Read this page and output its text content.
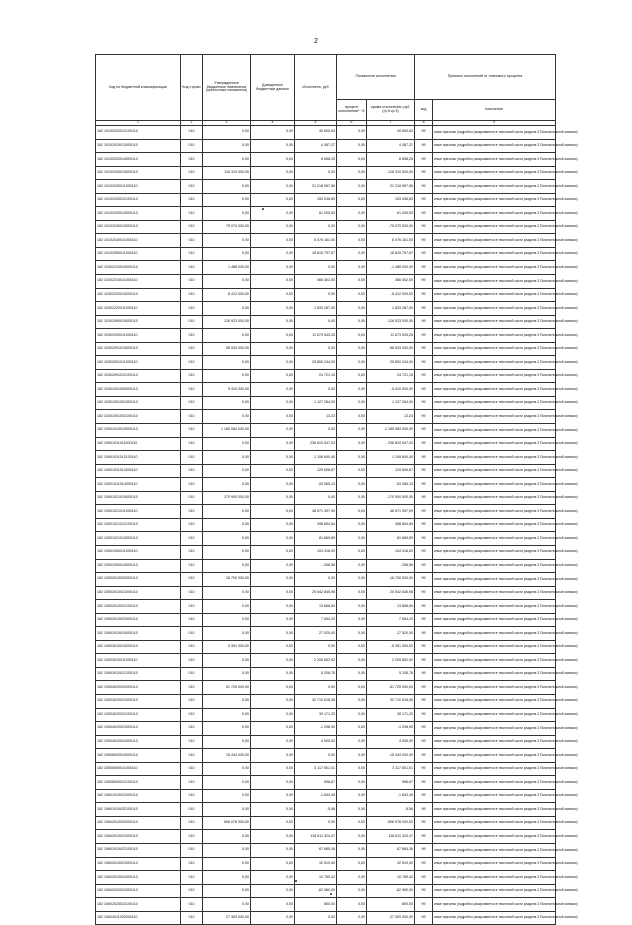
2
Код по бюджетной классификации	Код строки	Утвержденные бюджетные назначения (прогнозные показатели)	Доведенные бюджетные данные	Исполнено, руб	Показатели исполнения		Причины отклонений от планового процента	
					процент исполнения*, %	сумма отклонения, руб. (гр.5-гр.3)	код	пояснения
1	2	3	4	5	6	7	8	9
182 10102020012100110	010	0,00	0,00	49 600,63	0,00	49 600,63	99	иные причины (подробно раскрывается в текстовой части раздела 3 Пояснительной записки)
182 10102020013000110	010	0,00	0,00	4 487,37	0,00	4 487,37	99	иные причины (подробно раскрывается в текстовой части раздела 3 Пояснительной записки)
182 10102020014000110	010	0,00	0,00	8 658,25	0,00	8 658,25	99	иные причины (подробно раскрывается в текстовой части раздела 3 Пояснительной записки)
182 10102030010000110	010	116 310 000,00	0,00	0,00	0,00	-116 310 000,00	99	иные причины (подробно раскрывается в текстовой части раздела 3 Пояснительной записки)
182 10102030011000110	010	0,00	0,00	21 218 967,56	0,00	21 218 967,56	99	иные причины (подробно раскрывается в текстовой части раздела 3 Пояснительной записки)
182 10102030012100110	010	0,00	0,00	153 036,83	0,00	153 036,83	99	иные причины (подробно раскрывается в текстовой части раздела 3 Пояснительной записки)
182 10102030013000110	010	0,00	0,00	61 005,53	0,00	61 005,53	99	иные причины (подробно раскрывается в текстовой части раздела 3 Пояснительной записки)
182 10102040010000110	010	75 070 000,00	0,00	0,00	0,00	-75 070 000,00	99	иные причины (подробно раскрывается в текстовой части раздела 3 Пояснительной записки)
182 10102040011000110	010	0,00	0,00	6 076 161,00	0,00	6 076 161,00	99	иные причины (подробно раскрывается в текстовой части раздела 3 Пояснительной записки)
182 10102050011000110	010	0,00	0,00	18 815 797,67	0,00	18 815 797,67	99	иные причины (подробно раскрывается в текстовой части раздела 3 Пояснительной записки)
182 10302210010000110	010	1 488 000,00	0,00	0,00	0,00	-1 488 000,00	99	иные причины (подробно раскрывается в текстовой части раздела 3 Пояснительной записки)
182 10302210011000110	010	0,00	0,00	366 402,00	0,00	366 402,00	99	иные причины (подробно раскрывается в текстовой части раздела 3 Пояснительной записки)
182 10302220010000110	010	8 412 000,00	0,00	0,00	0,00	-8 412 000,00	99	иные причины (подробно раскрывается в текстовой части раздела 3 Пояснительной записки)
182 10302220011000110	010	0,00	0,00	1 833 287,00	0,00	1 833 287,00	99	иные причины (подробно раскрывается в текстовой части раздела 3 Пояснительной записки)
182 10302090010000110	010	126 923 000,00	0,00	0,00	0,00	-126 923 000,00	99	иные причины (подробно раскрывается в текстовой части раздела 3 Пояснительной записки)
182 10302090011000110	010	0,00	0,00	11 673 543,25	0,00	11 673 543,25	99	иные причины (подробно раскрывается в текстовой части раздела 3 Пояснительной записки)
182 10302091010000110	010	58 533 000,00	0,00	0,00	0,00	-58 533 000,00	99	иные причины (подробно раскрывается в текстовой части раздела 3 Пояснительной записки)
182 10302091011000110	010	0,00	0,00	25 800 244,00	0,00	25 800 244,00	99	иные причины (подробно раскрывается в текстовой части раздела 3 Пояснительной записки)
182 10302091012100110	010	0,00	0,00	24 721,15	0,00	24 721,15	99	иные причины (подробно раскрывается в текстовой части раздела 3 Пояснительной записки)
182 10301001000000110	010	5 410 000,00	0,00	0,00	0,00	-5 410 000,00	99	иные причины (подробно раскрывается в текстовой части раздела 3 Пояснительной записки)
182 10301001001000110	010	0,00	0,00	1 127 264,00	0,00	1 127 264,00	99	иные причины (подробно раскрывается в текстовой части раздела 3 Пояснительной записки)
182 10301001002100110	010	0,00	0,00	13,23	0,00	13,23	99	иные причины (подробно раскрывается в текстовой части раздела 3 Пояснительной записки)
182 10501010010000110	010	1 185 084 000,00	0,00	0,00	0,00	-1 185 084 000,00	99	иные причины (подробно раскрывается в текстовой части раздела 3 Пояснительной записки)
182 10501011011000110	010	0,00	0,00	238 819 547,03	0,00	238 819 547,03	99	иные причины (подробно раскрывается в текстовой части раздела 3 Пояснительной записки)
182 10501011012100110	010	0,00	0,00	1 108 640,40	0,00	1 108 640,40	99	иные причины (подробно раскрывается в текстовой части раздела 3 Пояснительной записки)
182 10501011013000110	010	0,00	0,00	129 606,87	0,00	129 606,87	99	иные причины (подробно раскрывается в текстовой части раздела 3 Пояснительной записки)
182 10501011014000110	010	0,00	0,00	-53 065,13	0,00	-53 065,13	99	иные причины (подробно раскрывается в текстовой части раздела 3 Пояснительной записки)
182 10501021010000110	010	170 900 000,00	0,00	0,00	0,00	-170 900 000,00	99	иные причины (подробно раскрывается в текстовой части раздела 3 Пояснительной записки)
182 10501021011000110	010	0,00	0,00	48 571 397,09	0,00	48 571 397,09	99	иные причины (подробно раскрывается в текстовой части раздела 3 Пояснительной записки)
182 10501021012100110	010	0,00	0,00	398 894,84	0,00	398 894,84	99	иные причины (подробно раскрывается в текстовой части раздела 3 Пояснительной записки)
182 10501021014000110	010	0,00	0,00	81 669,89	0,00	81 669,89	99	иные причины (подробно раскрывается в текстовой части раздела 3 Пояснительной записки)
182 10501050011000110	010	0,00	0,00	104 316,00	0,00	104 316,00	99	иные причины (подробно раскрывается в текстовой части раздела 3 Пояснительной записки)
182 10501050014000110	010	0,00	0,00	-256,56	0,00	-256,56	99	иные причины (подробно раскрывается в текстовой части раздела 3 Пояснительной записки)
182 10502010020000110	010	16 700 000,00	0,00	0,00	0,00	-16 700 000,00	99	иные причины (подробно раскрывается в текстовой части раздела 3 Пояснительной записки)
182 10502010021000110	010	0,00	0,00	20 542 845,98	0,00	20 542 845,98	99	иные причины (подробно раскрывается в текстовой части раздела 3 Пояснительной записки)
182 10502010022100110	010	0,00	0,00	13 668,84	0,00	13 668,84	99	иные причины (подробно раскрывается в текстовой части раздела 3 Пояснительной записки)
182 10502010023000110	010	0,00	0,00	7 654,20	0,00	7 654,20	99	иные причины (подробно раскрывается в текстовой части раздела 3 Пояснительной записки)
182 10502010024000110	010	0,00	0,00	27 520,00	0,00	27 520,00	99	иные причины (подробно раскрывается в текстовой части раздела 3 Пояснительной записки)
182 10503010010000110	010	5 391 000,00	0,00	0,00	0,00	-5 391 000,00	99	иные причины (подробно раскрывается в текстовой части раздела 3 Пояснительной записки)
182 10503010011000110	010	0,00	0,00	2 205 652,92	0,00	2 205 652,92	99	иные причины (подробно раскрывается в текстовой части раздела 3 Пояснительной записки)
182 10503010012100110	010	0,00	0,00	5 208,78	0,00	5 208,78	99	иные причины (подробно раскрывается в текстовой части раздела 3 Пояснительной записки)
182 10504020020000110	010	51 725 000,00	0,00	0,00	0,00	-51 725 000,00	99	иные причины (подробно раскрывается в текстовой части раздела 3 Пояснительной записки)
182 10504020021000110	010	0,00	0,00	32 710 618,06	0,00	32 710 618,06	99	иные причины (подробно раскрывается в текстовой части раздела 3 Пояснительной записки)
182 10504020022100110	010	0,00	0,00	39 171,20	0,00	39 171,20	99	иные причины (подробно раскрывается в текстовой части раздела 3 Пояснительной записки)
182 10504020023000110	010	0,00	0,00	-1 298,90	0,00	-1 298,90	99	иные причины (подробно раскрывается в текстовой части раздела 3 Пояснительной записки)
182 10504020024000110	010	0,00	0,00	4 005,00	0,00	4 005,00	99	иные причины (подробно раскрывается в текстовой части раздела 3 Пояснительной записки)
182 10506000010000110	010	15 444 000,00	0,00	0,00	0,00	-15 444 000,00	99	иные причины (подробно раскрывается в текстовой части раздела 3 Пояснительной записки)
182 10506000011000110	010	0,00	0,00	3 117 501,01	0,00	3 117 501,01	99	иные причины (подробно раскрывается в текстовой части раздела 3 Пояснительной записки)
182 10506000012100110	010	0,00	0,00	596,67	0,00	596,67	99	иные причины (подробно раскрывается в текстовой части раздела 3 Пояснительной записки)
182 10601010031000110	010	0,00	0,00	-1 843,45	0,00	-1 843,45	99	иные причины (подробно раскрывается в текстовой части раздела 3 Пояснительной записки)
182 10601010032100110	010	0,00	0,00	-5,56	0,00	-5,56	99	иные причины (подробно раскрывается в текстовой части раздела 3 Пояснительной записки)
182 10602010020000110	010	506 078 000,00	0,00	0,00	0,00	-506 078 000,00	99	иные причины (подробно раскрывается в текстовой части раздела 3 Пояснительной записки)
182 10602010021000110	010	0,00	0,00	118 611 324,47	0,00	118 611 324,47	99	иные причины (подробно раскрывается в текстовой части раздела 3 Пояснительной записки)
182 10602010022100110	010	0,00	0,00	87 665,36	0,00	87 665,36	99	иные причины (подробно раскрывается в текстовой части раздела 3 Пояснительной записки)
182 10602010023000110	010	0,00	0,00	32 519,40	0,00	32 519,40	99	иные причины (подробно раскрывается в текстовой части раздела 3 Пояснительной записки)
182 10602010024000110	010	0,00	0,00	10 769,42	0,00	10 769,42	99	иные причины (подробно раскрывается в текстовой части раздела 3 Пояснительной записки)
182 10602020021000110	010	0,00	0,00	-62 960,00	0,00	-62 960,00	99	иные причины (подробно раскрывается в текстовой части раздела 3 Пояснительной записки)
182 10602020022100110	010	0,00	0,00	800,00	0,00	800,00	99	иные причины (подробно раскрывается в текстовой части раздела 3 Пояснительной записки)
182 10604011020000110	010	27 409 000,00	0,00	0,00	0,00	-27 409 000,00	99	иные причины (подробно раскрывается в текстовой части раздела 3 Пояснительной записки)
